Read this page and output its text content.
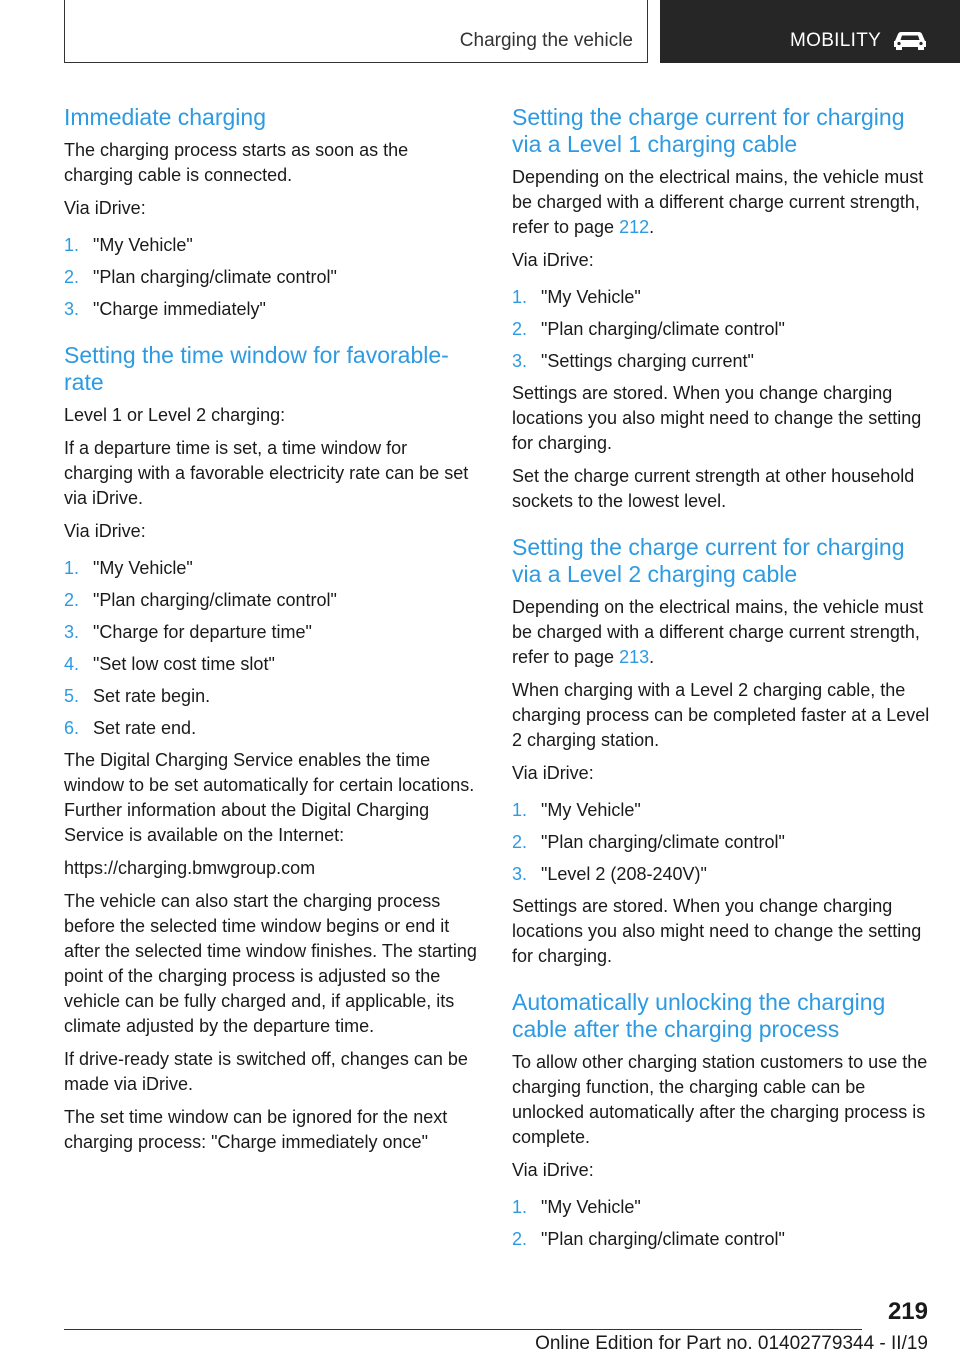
Charging the vehicle	MOBILITY
Immediate charging

The charging process starts as soon as the charging cable is connected.

Via iDrive:

1. "My Vehicle"
2. "Plan charging/climate control"
3. "Charge immediately"
Setting the time window for favorable-rate

Level 1 or Level 2 charging:

If a departure time is set, a time window for charging with a favorable electricity rate can be set via iDrive.

Via iDrive:

1. "My Vehicle"
2. "Plan charging/climate control"
3. "Charge for departure time"
4. "Set low cost time slot"
5. Set rate begin.
6. Set rate end.

The Digital Charging Service enables the time window to be set automatically for certain locations. Further information about the Digital Charging Service is available on the Internet:

https://charging.bmwgroup.com

The vehicle can also start the charging process before the selected time window begins or end it after the selected time window finishes. The starting point of the charging process is adjusted so the vehicle can be fully charged and, if applicable, its climate adjusted by the departure time.

If drive-ready state is switched off, changes can be made via iDrive.

The set time window can be ignored for the next charging process: "Charge immediately once"

Setting the charge current for charging via a Level 1 charging cable

Depending on the electrical mains, the vehicle must be charged with a different charge current strength, refer to page 212.

Via iDrive:

1. "My Vehicle"
2. "Plan charging/climate control"
3. "Settings charging current"

Settings are stored. When you change charging locations you also might need to change the setting for charging.

Set the charge current strength at other household sockets to the lowest level.

Setting the charge current for charging via a Level 2 charging cable

Depending on the electrical mains, the vehicle must be charged with a different charge current strength, refer to page 213.

When charging with a Level 2 charging cable, the charging process can be completed faster at a Level 2 charging station.

Via iDrive:

1. "My Vehicle"
2. "Plan charging/climate control"
3. "Level 2 (208-240V)"

Settings are stored. When you change charging locations you also might need to change the setting for charging.

Automatically unlocking the charging cable after the charging process

To allow other charging station customers to use the charging function, the charging cable can be unlocked automatically after the charging process is complete.

Via iDrive:

1. "My Vehicle"
2. "Plan charging/climate control"
219
Online Edition for Part no. 01402779344 - II/19
